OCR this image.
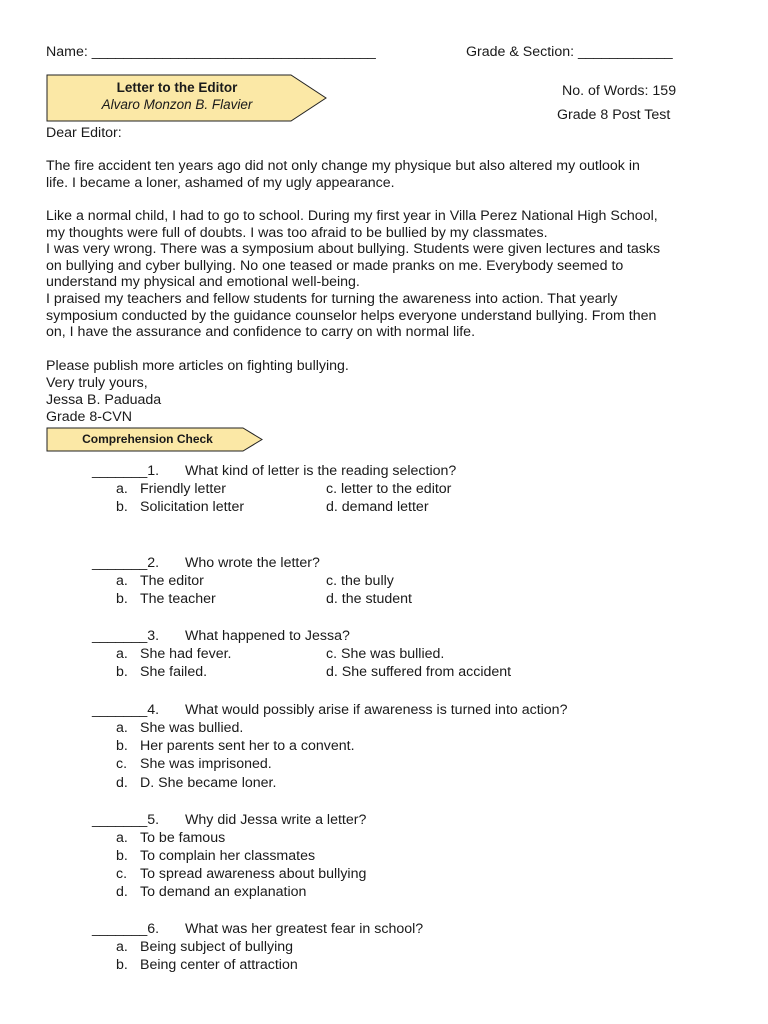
Name: ____________________________________	Grade & Section: ____________
No. of Words: 159
Grade 8 Post Test
Letter to the Editor
Alvaro Monzon B. Flavier
Dear Editor:
The fire accident ten years ago did not only change my physique but also altered my outlook in
life. I became a loner, ashamed of my ugly appearance.
Like a normal child, I had to go to school. During my first year in Villa Perez National High School,
my thoughts were full of doubts. I was too afraid to be bullied by my classmates.
I was very wrong. There was a symposium about bullying. Students were given lectures and tasks
on bullying and cyber bullying. No one teased or made pranks on me. Everybody seemed to
understand my physical and emotional well-being.
I praised my teachers and fellow students for turning the awareness into action. That yearly
symposium conducted by the guidance counselor helps everyone understand bullying. From then
on, I have the assurance and confidence to carry on with normal life.
Please publish more articles on fighting bullying.
Very truly yours,
Jessa B. Paduada
Grade 8-CVN
Comprehension Check
_______1. What kind of letter is the reading selection?
a. Friendly letter	c. letter to the editor
b. Solicitation letter	d. demand letter
_______2. Who wrote the letter?
a. The editor	c. the bully
b. The teacher	d. the student
_______3. What happened to Jessa?
a. She had fever.	c. She was bullied.
b. She failed.	d. She suffered from accident
_______4. What would possibly arise if awareness is turned into action?
a. She was bullied.
b. Her parents sent her to a convent.
c. She was imprisoned.
d. D. She became loner.
_______5. Why did Jessa write a letter?
a. To be famous
b. To complain her classmates
c. To spread awareness about bullying
d. To demand an explanation
_______6. What was her greatest fear in school?
a. Being subject of bullying
b. Being center of attraction
